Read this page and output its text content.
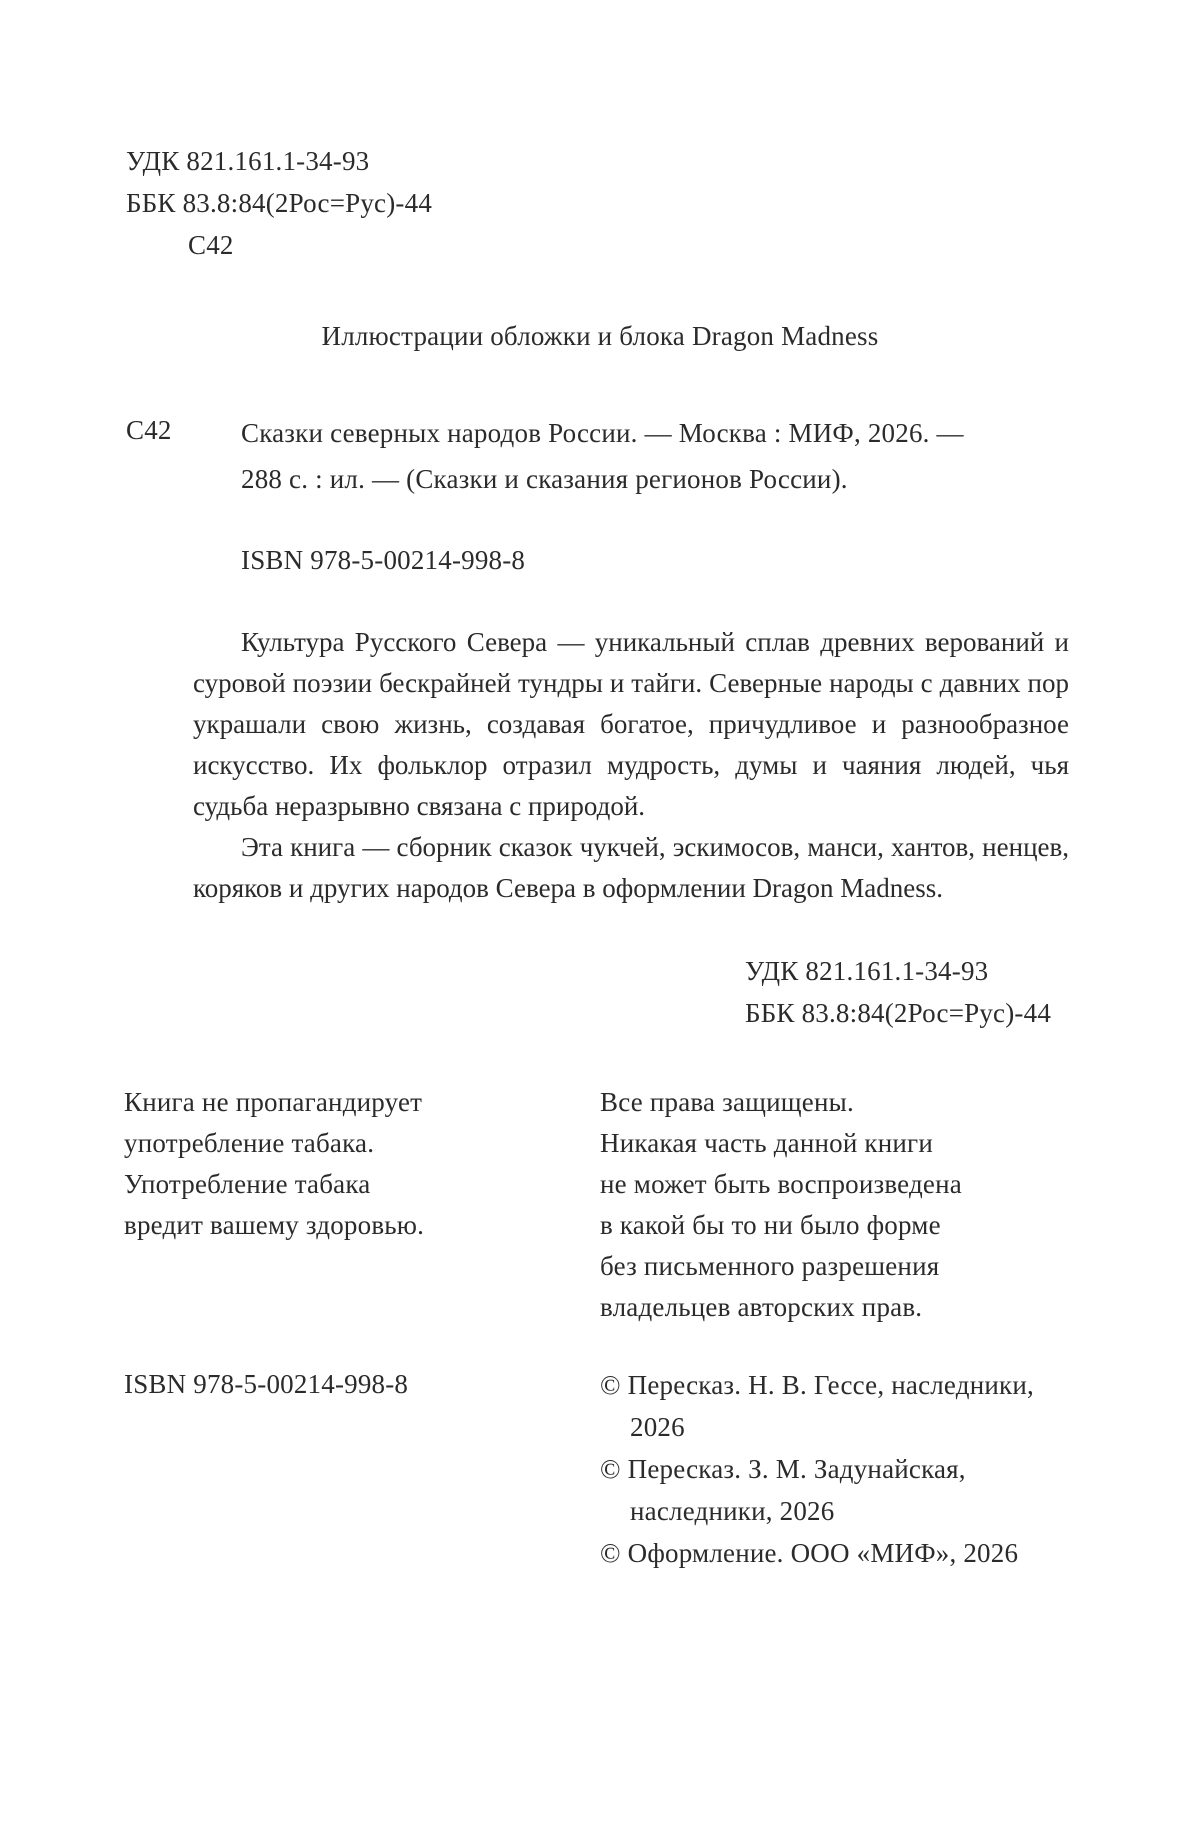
УДК 821.161.1-34-93
ББК 83.8:84(2Рос=Рус)-44
С42
Иллюстрации обложки и блока Dragon Madness
С42	Сказки северных народов России. — Москва : МИФ, 2026. —
288 с. : ил. — (Сказки и сказания регионов России).
ISBN 978-5-00214-998-8

Культура Русского Севера — уникальный сплав древних верований и суровой поэзии бескрайней тундры и тайги. Северные народы с давних пор украшали свою жизнь, создавая богатое, причудливое и разнообразное искусство. Их фольклор отразил мудрость, думы и чаяния людей, чья судьба неразрывно связана с природой.

Эта книга — сборник сказок чукчей, эскимосов, манси, хантов, ненцев, коряков и других народов Севера в оформлении Dragon Madness.

УДК 821.161.1-34-93
ББК 83.8:84(2Рос=Рус)-44
Книга не пропагандирует
употребление табака.
Употребление табака
вредит вашему здоровью.
Все права защищены.
Никакая часть данной книги
не может быть воспроизведена
в какой бы то ни было форме
без письменного разрешения
владельцев авторских прав.
ISBN 978-5-00214-998-8	© Пересказ. Н. В. Гессе, наследники,
2026
© Пересказ. З. М. Задунайская,
наследники, 2026
© Оформление. ООО «МИФ», 2026
